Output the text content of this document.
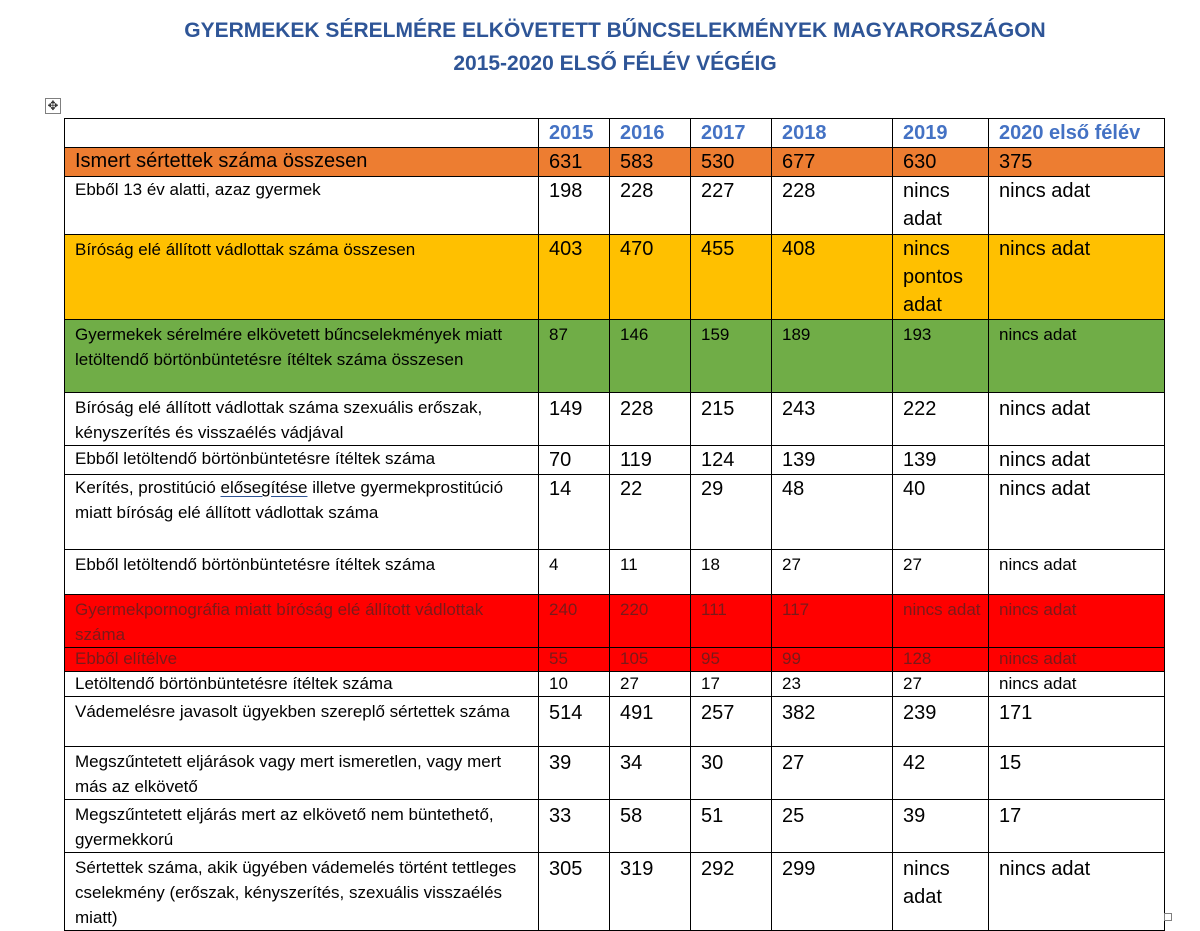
GYERMEKEK SÉRELMÉRE ELKÖVETETT BŰNCSELEKMÉNYEK MAGYARORSZÁGON
2015-2020 ELSŐ FÉLÉV VÉGÉIG
✥
	2015	2016	2017	2018	2019	2020 első félév
Ismert sértettek száma összesen	631	583	530	677	630	375
Ebből 13 év alatti, azaz gyermek	198	228	227	228	nincs adat	nincs adat
Bíróság elé állított vádlottak száma összesen	403	470	455	408	nincs pontos adat	nincs adat
Gyermekek sérelmére elkövetett bűncselekmények miatt letöltendő börtönbüntetésre ítéltek száma összesen	87	146	159	189	193	nincs adat
Bíróság elé állított vádlottak száma szexuális erőszak, kényszerítés és visszaélés vádjával	149	228	215	243	222	nincs adat
Ebből letöltendő börtönbüntetésre ítéltek száma	70	119	124	139	139	nincs adat
Kerítés, prostitúció elősegítése illetve gyermekprostitúció miatt bíróság elé állított vádlottak száma	14	22	29	48	40	nincs adat
Ebből letöltendő börtönbüntetésre ítéltek száma	4	11	18	27	27	nincs adat
Gyermekpornográfia miatt bíróság elé állított vádlottak száma	240	220	111	117	nincs adat	nincs adat
Ebből elítélve	55	105	95	99	128	nincs adat
Letöltendő börtönbüntetésre ítéltek száma	10	27	17	23	27	nincs adat
Vádemelésre javasolt ügyekben szereplő sértettek száma	514	491	257	382	239	171
Megszűntetett eljárások vagy mert ismeretlen, vagy mert más az elkövető	39	34	30	27	42	15
Megszűntetett eljárás mert az elkövető nem büntethető, gyermekkorú	33	58	51	25	39	17
Sértettek száma, akik ügyében vádemelés történt tettleges cselekmény (erőszak, kényszerítés, szexuális visszaélés miatt)	305	319	292	299	nincs adat	nincs adat
